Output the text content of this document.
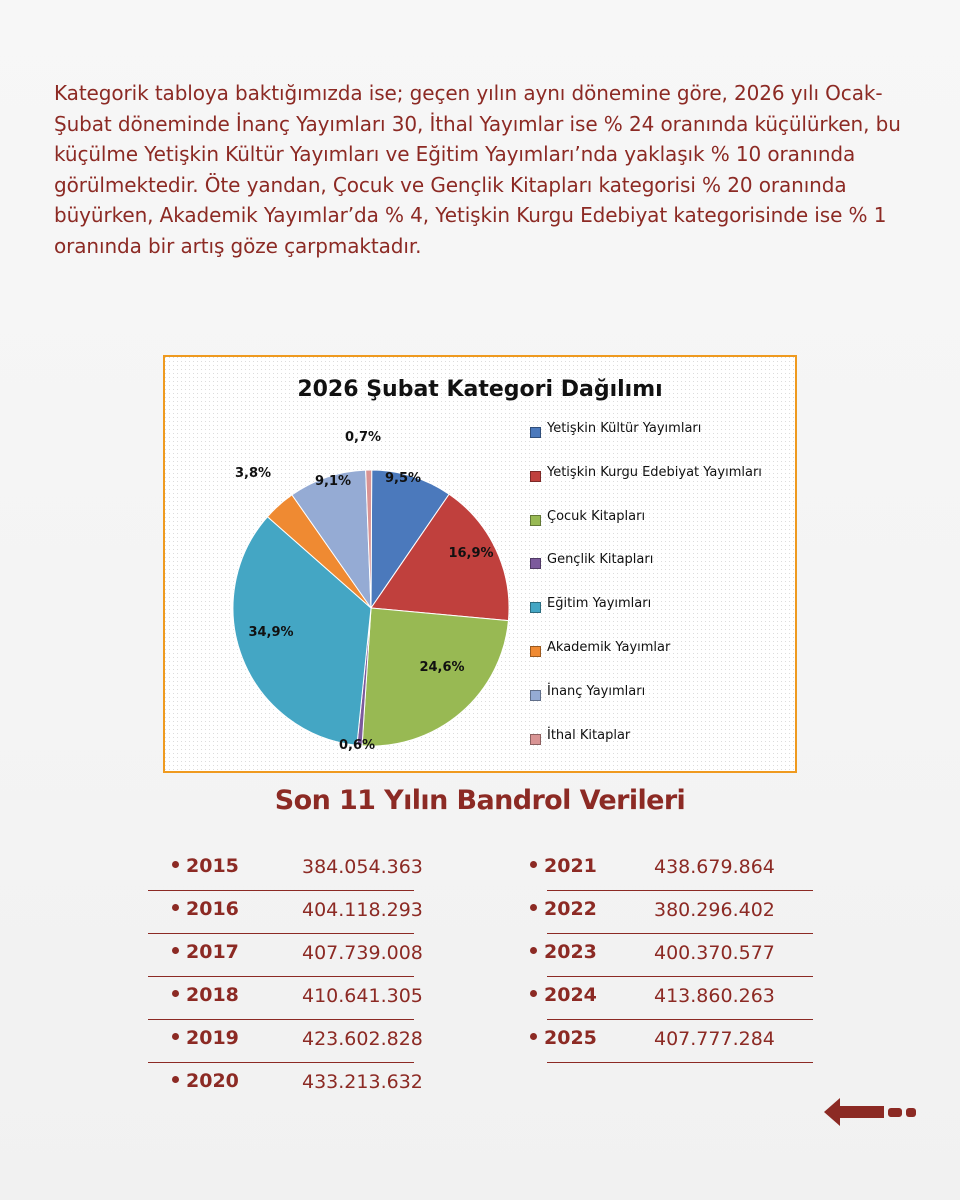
Kategorik tabloya baktığımızda ise; geçen yılın aynı dönemine göre, 2026 yılı Ocak-Şubat döneminde İnanç Yayımları 30, İthal Yayımlar ise % 24 oranında küçülürken, bu küçülme Yetişkin Kültür Yayımları ve Eğitim Yayımları’nda yaklaşık % 10 oranında görülmektedir. Öte yandan, Çocuk ve Gençlik Kitapları kategorisi % 20 oranında büyürken, Akademik Yayımlar’da % 4, Yetişkin Kurgu Edebiyat kategorisinde ise % 1 oranında bir artış göze çarpmaktadır.

9,5%
16,9%
24,6%
0,6%
34,9%
3,8%
9,1%
0,7%
2026 Şubat Kategori Dağılımı
Yetişkin Kültür Yayımları
Yetişkin Kurgu Edebiyat Yayımları
Çocuk Kitapları
Gençlik Kitapları
Eğitim Yayımları
Akademik Yayımlar
İnanç Yayımları
İthal Kitaplar
Son 11 Yılın Bandrol Verileri
2015	384.054.363
2016	404.118.293
2017	407.739.008
2018	410.641.305
2019	423.602.828
2020	433.213.632
2021	438.679.864
2022	380.296.402
2023	400.370.577
2024	413.860.263
2025	407.777.284
